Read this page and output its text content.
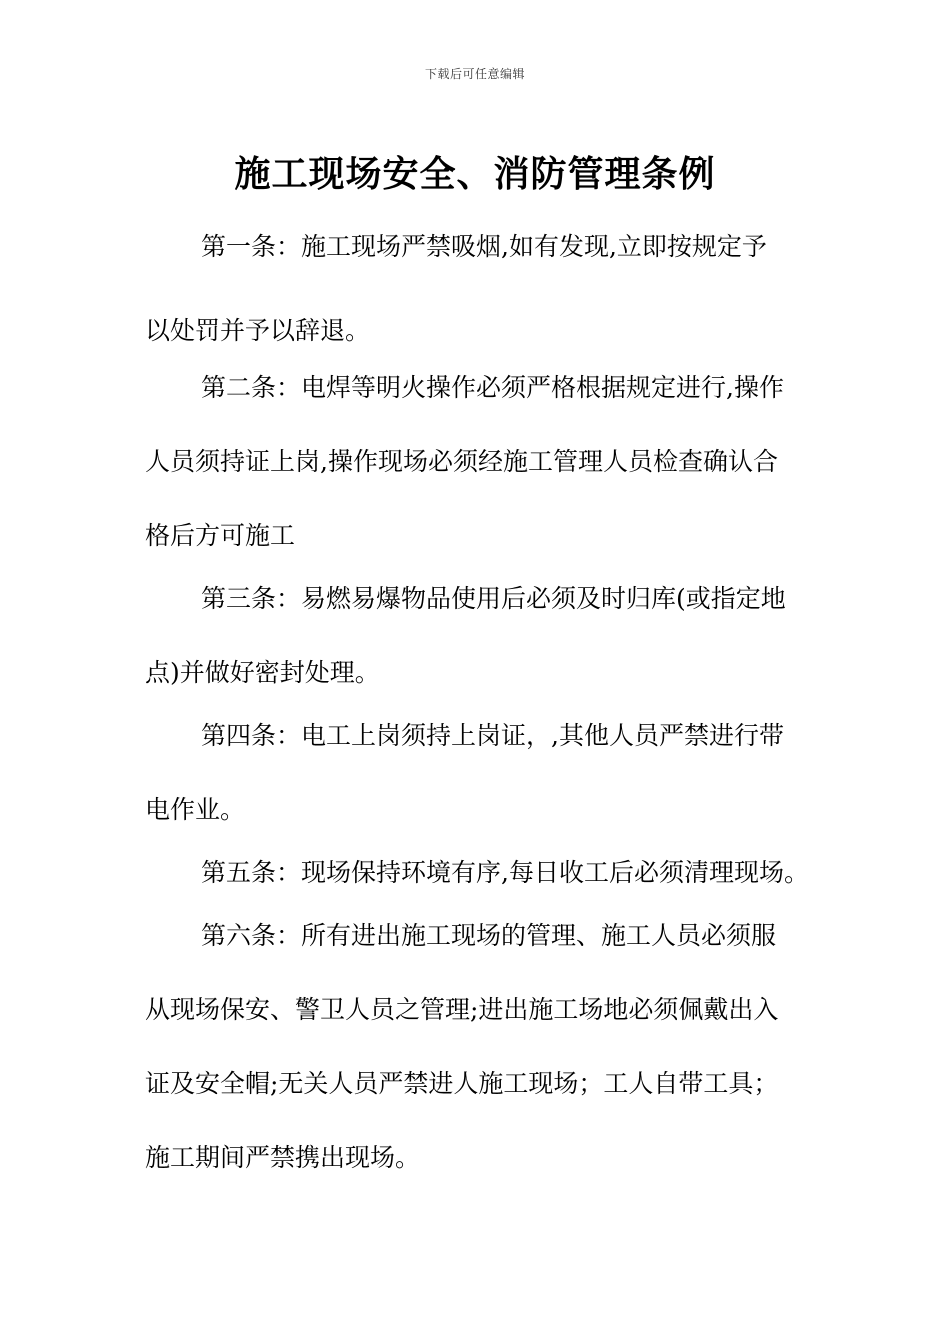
下载后可任意编辑
施工现场安全、消防管理条例
第一条：施工现场严禁吸烟,如有发现,立即按规定予
以处罚并予以辞退。
第二条：电焊等明火操作必须严格根据规定进行,操作
人员须持证上岗,操作现场必须经施工管理人员检查确认合
格后方可施工
第三条：易燃易爆物品使用后必须及时归库(或指定地
点)并做好密封处理。
第四条：电工上岗须持上岗证，,其他人员严禁进行带
电作业。
第五条：现场保持环境有序,每日收工后必须清理现场。
第六条：所有进出施工现场的管理、施工人员必须服
从现场保安、警卫人员之管理;进出施工场地必须佩戴出入
证及安全帽;无关人员严禁进人施工现场；工人自带工具；
施工期间严禁携出现场。
